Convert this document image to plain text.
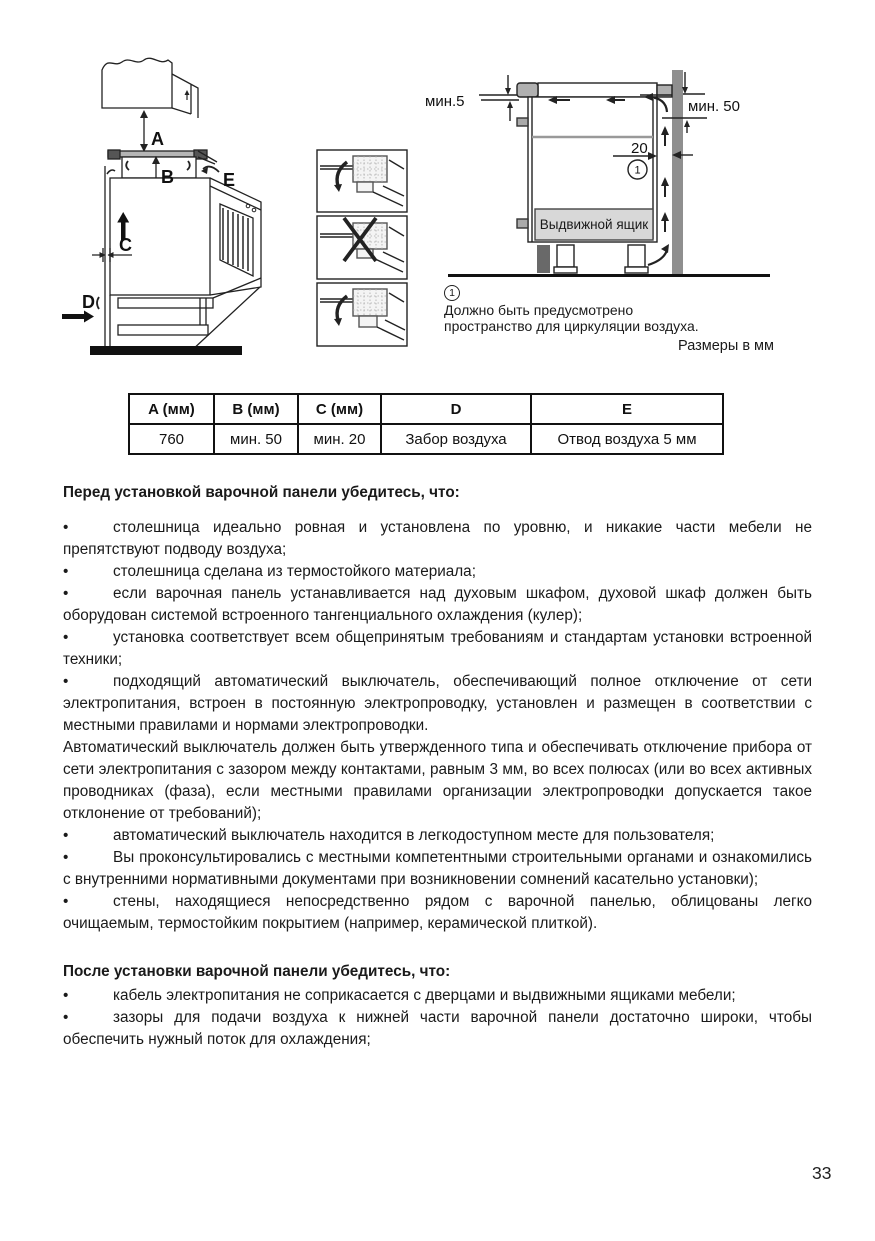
A
B
C
D
E
мин.5	мин. 50
20
1
Выдвижной ящик
1
Должно быть предусмотрено
пространство для циркуляции воздуха.
Размеры в мм
A (мм)	B (мм)	C (мм)	D	E
760	мин. 50	мин. 20	Забор воздуха	Отвод воздуха 5 мм
Перед установкой варочной панели убедитесь, что:

•	столешница идеально ровная и установлена по уровню, и никакие части мебели не препятствуют подводу воздуха;

•	столешница сделана из термостойкого материала;

•	если варочная панель устанавливается над духовым шкафом, духовой шкаф должен быть оборудован системой встроенного тангенциального охлаждения (кулер);

•	установка соответствует всем общепринятым требованиям и стандартам установки встроенной техники;

•	подходящий автоматический выключатель, обеспечивающий полное отключение от сети электропитания, встроен в постоянную электропроводку, установлен и размещен в соответствии с местными правилами и нормами электропроводки.

Автоматический выключатель должен быть утвержденного типа и обеспечивать отключение прибора от сети электропитания с зазором между контактами, равным 3 мм, во всех полюсах (или во всех активных проводниках (фаза), если местными правилами организации электропроводки допускается такое отклонение от требований);

•	автоматический выключатель находится в легкодоступном месте для пользователя;

•	Вы проконсультировались с местными компетентными строительными органами и ознакомились с внутренними нормативными документами при возникновении сомнений касательно установки);

•	стены, находящиеся непосредственно рядом с варочной панелью, облицованы легко очищаемым, термостойким покрытием (например, керамической плиткой).

После установки варочной панели убедитесь, что:

•	кабель электропитания не соприкасается с дверцами и выдвижными ящиками мебели;

•	зазоры для подачи воздуха к нижней части варочной панели достаточно широки, чтобы обеспечить нужный поток для охлаждения;

33
